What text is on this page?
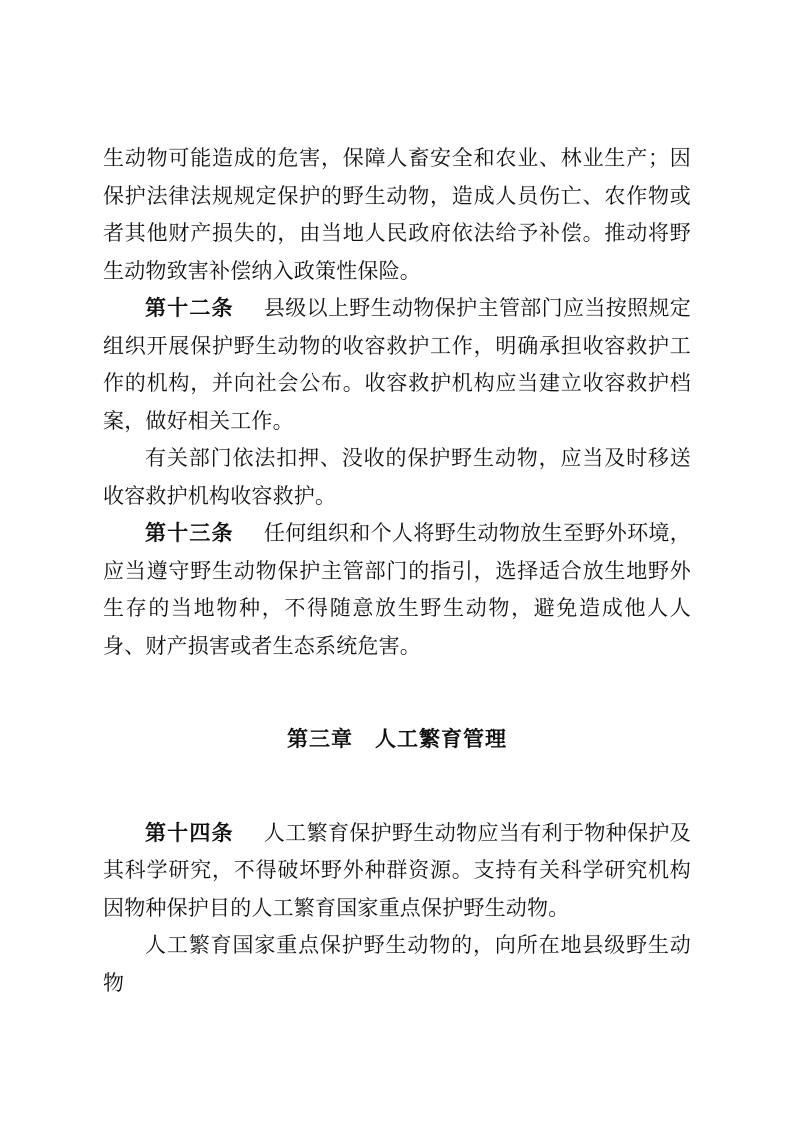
生动物可能造成的危害，保障人畜安全和农业、林业生产；因保护法律法规规定保护的野生动物，造成人员伤亡、农作物或者其他财产损失的，由当地人民政府依法给予补偿。推动将野生动物致害补偿纳入政策性保险。

第十二条 县级以上野生动物保护主管部门应当按照规定组织开展保护野生动物的收容救护工作，明确承担收容救护工作的机构，并向社会公布。收容救护机构应当建立收容救护档案，做好相关工作。

有关部门依法扣押、没收的保护野生动物，应当及时移送收容救护机构收容救护。

第十三条 任何组织和个人将野生动物放生至野外环境，应当遵守野生动物保护主管部门的指引，选择适合放生地野外生存的当地物种，不得随意放生野生动物，避免造成他人人身、财产损害或者生态系统危害。

第三章 人工繁育管理

第十四条 人工繁育保护野生动物应当有利于物种保护及其科学研究，不得破坏野外种群资源。支持有关科学研究机构因物种保护目的人工繁育国家重点保护野生动物。

人工繁育国家重点保护野生动物的，向所在地县级野生动物
